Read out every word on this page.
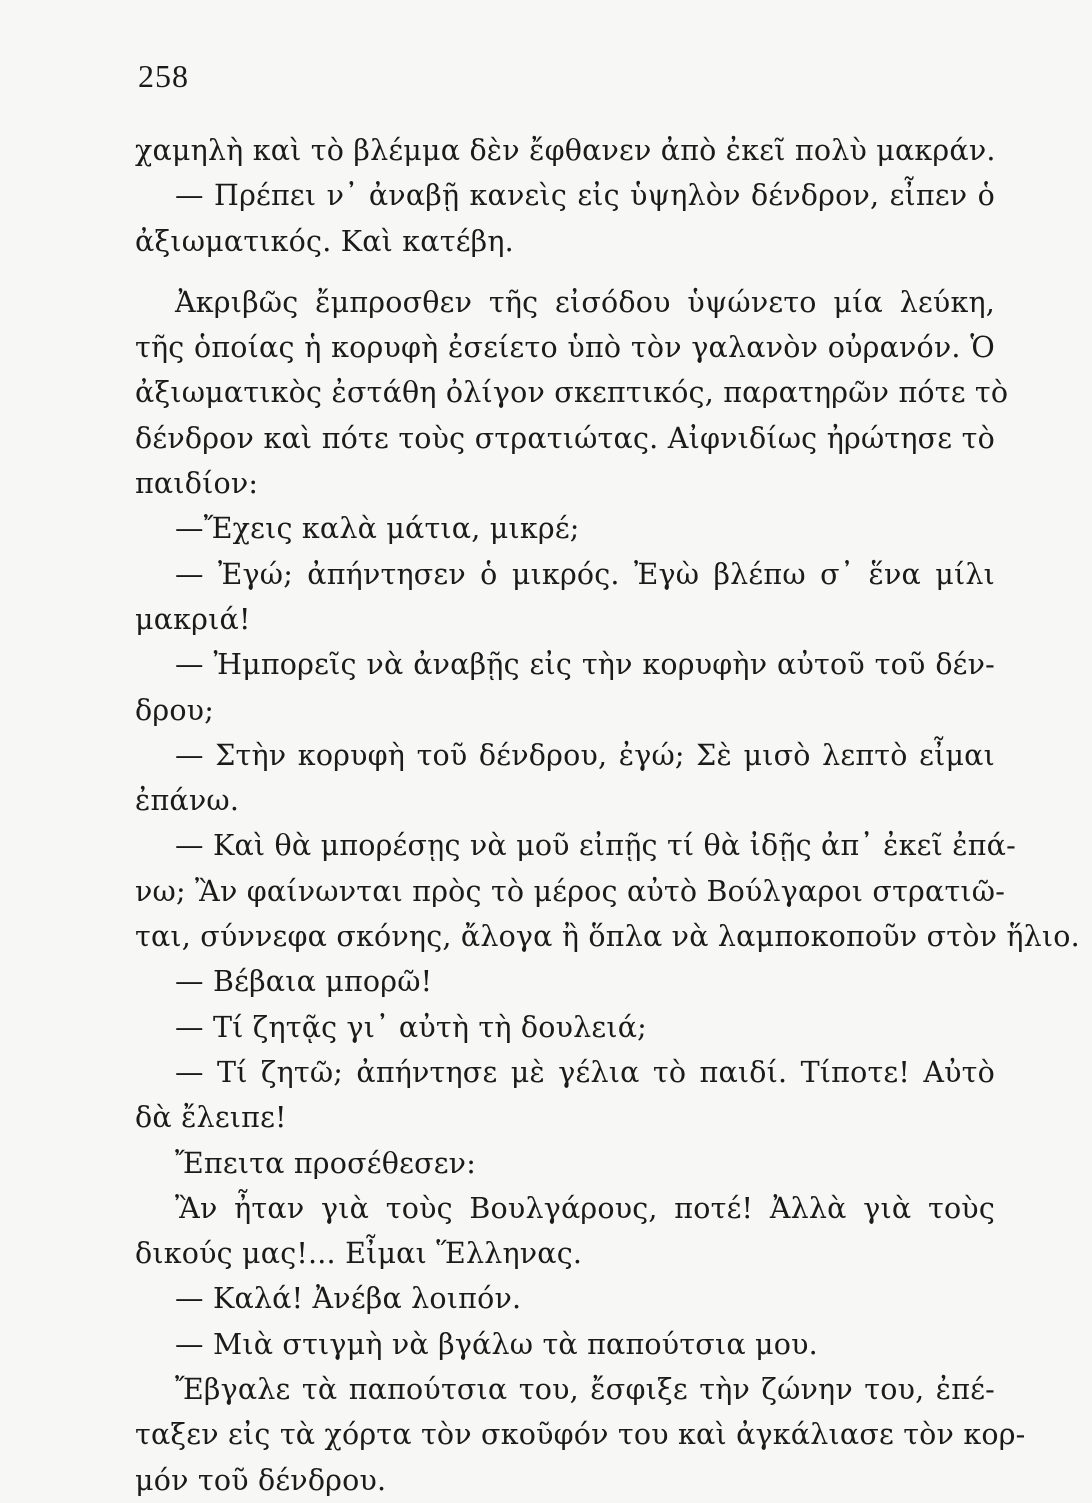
258
χαμηλὴ καὶ τὸ βλέμμα δὲν ἔφθανεν ἀπὸ ἐκεῖ πολὺ μακράν.
— Πρέπει ν᾽ ἀναβῇ κανεὶς εἰς ὑψηλὸν δένδρον, εἶπεν ὁ
ἀξιωματικός. Καὶ κατέβη.
Ἀκριβῶς ἔμπροσθεν τῆς εἰσόδου ὑψώνετο μία λεύκη,
τῆς ὁποίας ἡ κορυφὴ ἐσείετο ὑπὸ τὸν γαλανὸν οὐρανόν. Ὁ
ἀξιωματικὸς ἐστάθη ὀλίγον σκεπτικός, παρατηρῶν πότε τὸ
δένδρον καὶ πότε τοὺς στρατιώτας. Αἰφνιδίως ἠρώτησε τὸ
παιδίον:
—Ἔχεις καλὰ μάτια, μικρέ;
— Ἐγώ; ἀπήντησεν ὁ μικρός. Ἐγὼ βλέπω σ᾽ ἕνα μίλι
μακριά!
— Ἠμπορεῖς νὰ ἀναβῇς εἰς τὴν κορυφὴν αὐτοῦ τοῦ δέν-
δρου;
— Στὴν κορυφὴ τοῦ δένδρου, ἐγώ; Σὲ μισὸ λεπτὸ εἶμαι
ἐπάνω.
— Καὶ θὰ μπορέσῃς νὰ μοῦ εἰπῇς τί θὰ ἰδῇς ἀπ᾽ ἐκεῖ ἐπά-
νω; Ἂν φαίνωνται πρὸς τὸ μέρος αὐτὸ Βούλγαροι στρατιῶ-
ται, σύννεφα σκόνης, ἄλογα ἢ ὅπλα νὰ λαμποκοποῦν στὸν ἥλιο.
— Βέβαια μπορῶ!
— Τί ζητᾷς γι᾽ αὐτὴ τὴ δουλειά;
— Τί ζητῶ; ἀπήντησε μὲ γέλια τὸ παιδί. Τίποτε! Αὐτὸ
δὰ ἔλειπε!
Ἔπειτα προσέθεσεν:
Ἂν ἦταν γιὰ τοὺς Βουλγάρους, ποτέ! Ἀλλὰ γιὰ τοὺς
δικούς μας!... Εἶμαι Ἕλληνας.
— Καλά! Ἀνέβα λοιπόν.
— Μιὰ στιγμὴ νὰ βγάλω τὰ παπούτσια μου.
Ἔβγαλε τὰ παπούτσια του, ἔσφιξε τὴν ζώνην του, ἐπέ-
ταξεν εἰς τὰ χόρτα τὸν σκοῦφόν του καὶ ἀγκάλιασε τὸν κορ-
μόν τοῦ δένδρου.
